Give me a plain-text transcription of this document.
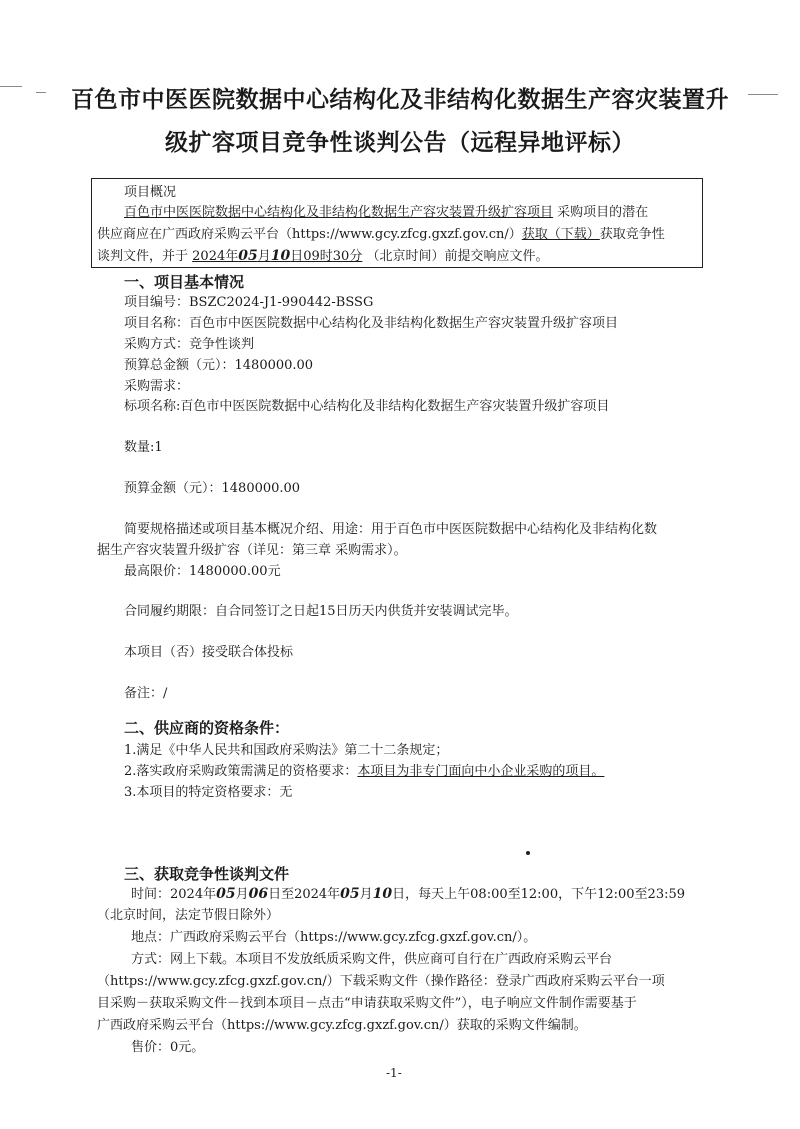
百色市中医医院数据中心结构化及非结构化数据生产容灾装置升
级扩容项目竞争性谈判公告（远程异地评标）
项目概况
百色市中医医院数据中心结构化及非结构化数据生产容灾装置升级扩容项目 采购项目的潜在
供应商应在广西政府采购云平台（https://www.gcy.zfcg.gxzf.gov.cn/）获取（下载）获取竞争性
谈判文件，并于 2024年05月10日09时30分 （北京时间）前提交响应文件。
一、项目基本情况
项目编号：BSZC2024-J1-990442-BSSG
项目名称：百色市中医医院数据中心结构化及非结构化数据生产容灾装置升级扩容项目
采购方式：竞争性谈判
预算总金额（元）：1480000.00
采购需求：
标项名称:百色市中医医院数据中心结构化及非结构化数据生产容灾装置升级扩容项目
数量:1
预算金额（元）：1480000.00
简要规格描述或项目基本概况介绍、用途：用于百色市中医医院数据中心结构化及非结构化数
据生产容灾装置升级扩容（详见：第三章 采购需求）。
最高限价：1480000.00元
合同履约期限：自合同签订之日起15日历天内供货并安装调试完毕。
本项目（否）接受联合体投标
备注：/
二、供应商的资格条件：
1.满足《中华人民共和国政府采购法》第二十二条规定；
2.落实政府采购政策需满足的资格要求：本项目为非专门面向中小企业采购的项目。
3.本项目的特定资格要求：无
三、获取竞争性谈判文件
时间：2024年05月06日至2024年05月10日，每天上午08:00至12:00，下午12:00至23:59
（北京时间，法定节假日除外）
地点：广西政府采购云平台（https://www.gcy.zfcg.gxzf.gov.cn/）。
方式：网上下载。本项目不发放纸质采购文件，供应商可自行在广西政府采购云平台
（https://www.gcy.zfcg.gxzf.gov.cn/）下载采购文件（操作路径：登录广西政府采购云平台一项
目采购－获取采购文件－找到本项目－点击“申请获取采购文件”），电子响应文件制作需要基于
广西政府采购云平台（https://www.gcy.zfcg.gxzf.gov.cn/）获取的采购文件编制。
售价：0元。
-1-
